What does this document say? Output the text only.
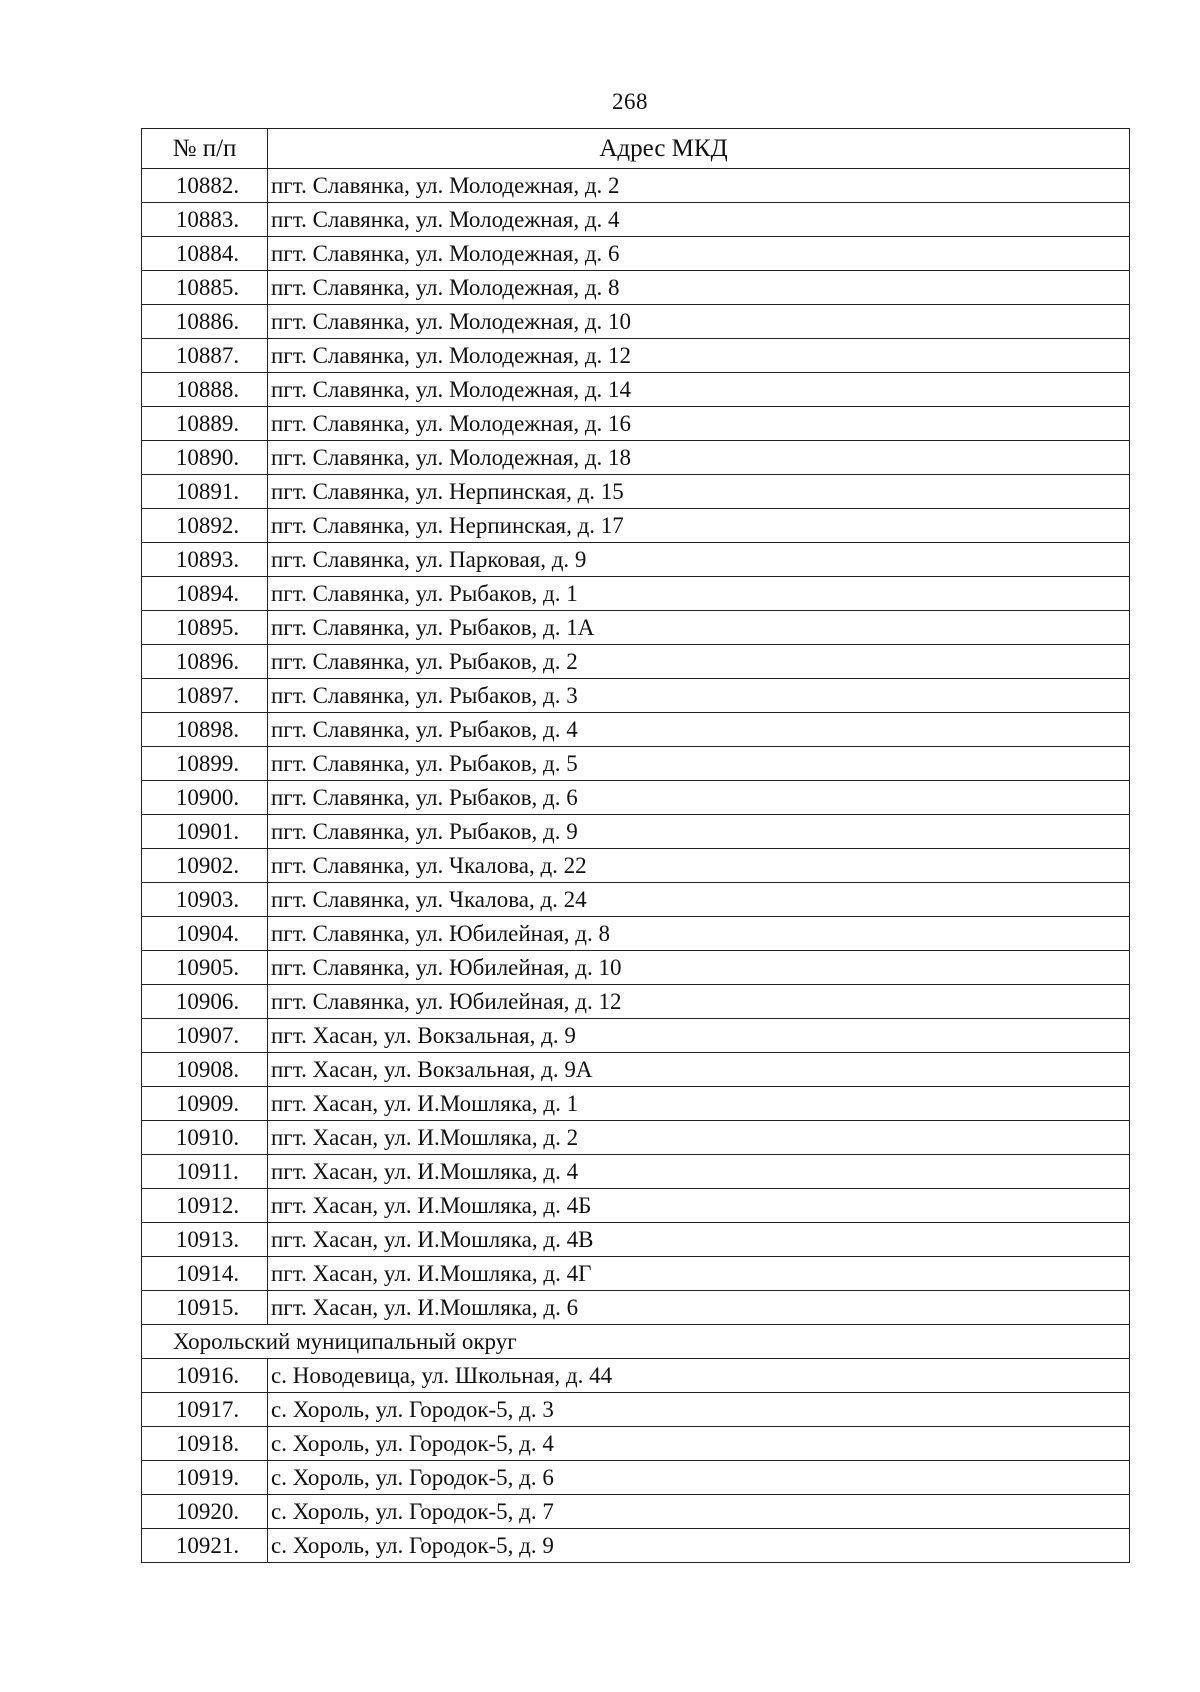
268
№ п/п	Адрес МКД
10882.	пгт. Славянка, ул. Молодежная, д. 2
10883.	пгт. Славянка, ул. Молодежная, д. 4
10884.	пгт. Славянка, ул. Молодежная, д. 6
10885.	пгт. Славянка, ул. Молодежная, д. 8
10886.	пгт. Славянка, ул. Молодежная, д. 10
10887.	пгт. Славянка, ул. Молодежная, д. 12
10888.	пгт. Славянка, ул. Молодежная, д. 14
10889.	пгт. Славянка, ул. Молодежная, д. 16
10890.	пгт. Славянка, ул. Молодежная, д. 18
10891.	пгт. Славянка, ул. Нерпинская, д. 15
10892.	пгт. Славянка, ул. Нерпинская, д. 17
10893.	пгт. Славянка, ул. Парковая, д. 9
10894.	пгт. Славянка, ул. Рыбаков, д. 1
10895.	пгт. Славянка, ул. Рыбаков, д. 1А
10896.	пгт. Славянка, ул. Рыбаков, д. 2
10897.	пгт. Славянка, ул. Рыбаков, д. 3
10898.	пгт. Славянка, ул. Рыбаков, д. 4
10899.	пгт. Славянка, ул. Рыбаков, д. 5
10900.	пгт. Славянка, ул. Рыбаков, д. 6
10901.	пгт. Славянка, ул. Рыбаков, д. 9
10902.	пгт. Славянка, ул. Чкалова, д. 22
10903.	пгт. Славянка, ул. Чкалова, д. 24
10904.	пгт. Славянка, ул. Юбилейная, д. 8
10905.	пгт. Славянка, ул. Юбилейная, д. 10
10906.	пгт. Славянка, ул. Юбилейная, д. 12
10907.	пгт. Хасан, ул. Вокзальная, д. 9
10908.	пгт. Хасан, ул. Вокзальная, д. 9А
10909.	пгт. Хасан, ул. И.Мошляка, д. 1
10910.	пгт. Хасан, ул. И.Мошляка, д. 2
10911.	пгт. Хасан, ул. И.Мошляка, д. 4
10912.	пгт. Хасан, ул. И.Мошляка, д. 4Б
10913.	пгт. Хасан, ул. И.Мошляка, д. 4В
10914.	пгт. Хасан, ул. И.Мошляка, д. 4Г
10915.	пгт. Хасан, ул. И.Мошляка, д. 6
Хорольский муниципальный округ	
10916.	с. Новодевица, ул. Школьная, д. 44
10917.	с. Хороль, ул. Городок-5, д. 3
10918.	с. Хороль, ул. Городок-5, д. 4
10919.	с. Хороль, ул. Городок-5, д. 6
10920.	с. Хороль, ул. Городок-5, д. 7
10921.	с. Хороль, ул. Городок-5, д. 9
